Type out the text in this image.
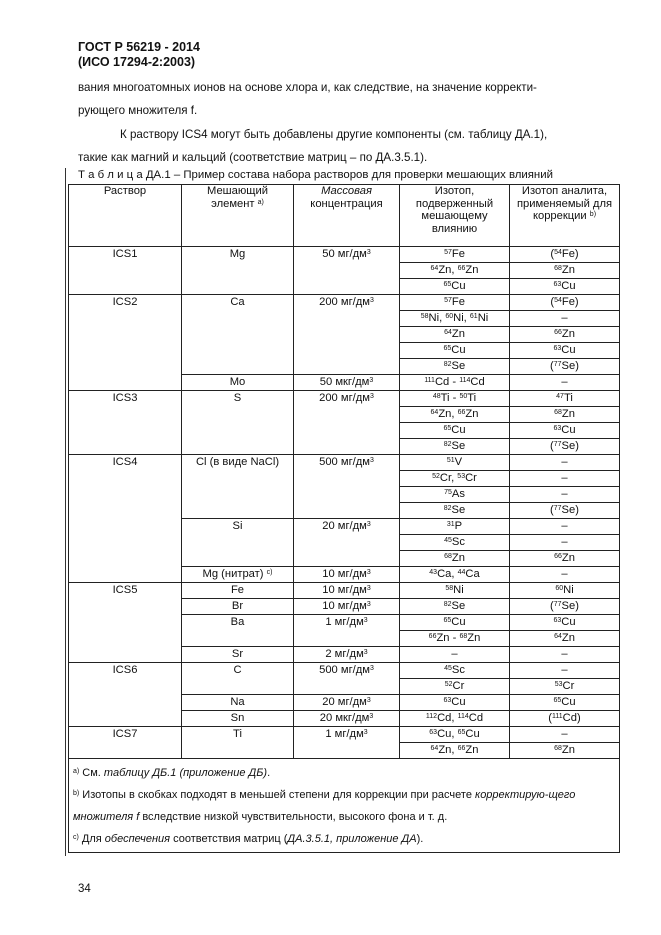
ГОСТ Р 56219 - 2014
(ИСО 17294-2:2003)
вания многоатомных ионов на основе хлора и, как следствие, на значение корректи-
рующего множителя f.
К раствору ICS4 могут быть добавлены другие компоненты (см. таблицу ДА.1),
такие как магний и кальций (соответствие матриц – по ДА.3.5.1).
Т а б л и ц а ДА.1 – Пример состава набора растворов для проверки мешающих влияний
Раствор	Мешающий элемент $^{а)}$	Массовая концентрация	Изотоп, подверженный мешающему влиянию	Изотоп аналита, применяемый для коррекции $^{b)}$
ICS1	Mg	50 $мг/дм^3$	$^{57}$Fe	($^{54}$Fe)
			$^{64}$Zn, $^{66}$Zn	$^{68}$Zn
			$^{65}$Cu	$^{63}$Cu
ICS2	Ca	200 $мг/дм^3$	$^{57}$Fe	($^{54}$Fe)
			$^{58}$Ni, $^{60}$Ni, $^{61}$Ni	–
			$^{64}$Zn	$^{66}$Zn
			$^{65}$Cu	$^{63}$Cu
			$^{82}$Se	($^{77}$Se)
	Mo	50 мкг/$дм^3$	$^{111}$Cd - $^{114}$Cd	–
ICS3	S	200 $мг/дм^3$	$^{48}$Ti - $^{50}$Ti	$^{47}$Ti
			$^{64}$Zn, $^{66}$Zn	$^{68}$Zn
			$^{65}$Cu	$^{63}$Cu
			$^{82}$Se	($^{77}$Se)
ICS4	Cl (в виде NaCl)	500 $мг/дм^3$	$^{51}$V	–
			$^{52}$Cr, $^{53}$Cr	–
			$^{75}$As	–
			$^{82}$Se	($^{77}$Se)
	Si	20 $мг/дм^3$	$^{31}$P	–
			$^{45}$Sc	–
			$^{68}$Zn	$^{66}$Zn
	Mg (нитрат) $^{c)}$	10 $мг/дм^3$	$^{43}$Ca, $^{44}$Ca	–
ICS5	Fe	10 $мг/дм^3$	$^{58}$Ni	$^{60}$Ni
	Br	10 $мг/дм^3$	$^{82}$Se	($^{77}$Se)
	Ba	1 $мг/дм^3$	$^{65}$Cu	$^{63}$Cu
			$^{66}$Zn - $^{68}$Zn	$^{64}$Zn
	Sr	2 $мг/дм^3$	–	–
ICS6	C	500 $мг/дм^3$	$^{45}$Sc	–
			$^{52}$Cr	$^{53}$Cr
	Na	20 $мг/дм^3$	$^{63}$Cu	$^{65}$Cu
	Sn	20 мкг/$дм^3$	$^{112}$Cd, $^{114}$Cd	($^{111}$Cd)
ICS7	Ti	1 $мг/дм^3$	$^{63}$Cu, $^{65}$Cu	–
			$^{64}$Zn, $^{66}$Zn	$^{68}$Zn

$^{a)}$ См. таблицу ДБ.1 (приложение ДБ).
$^{b)}$ Изотопы в скобках подходят в меньшей степени для коррекции при расчете корректирую-щего множителя f вследствие низкой чувствительности, высокого фона и т. д.
$^{c)}$ Для обеспечения соответствия матриц (ДА.3.5.1, приложение ДА).				
34
